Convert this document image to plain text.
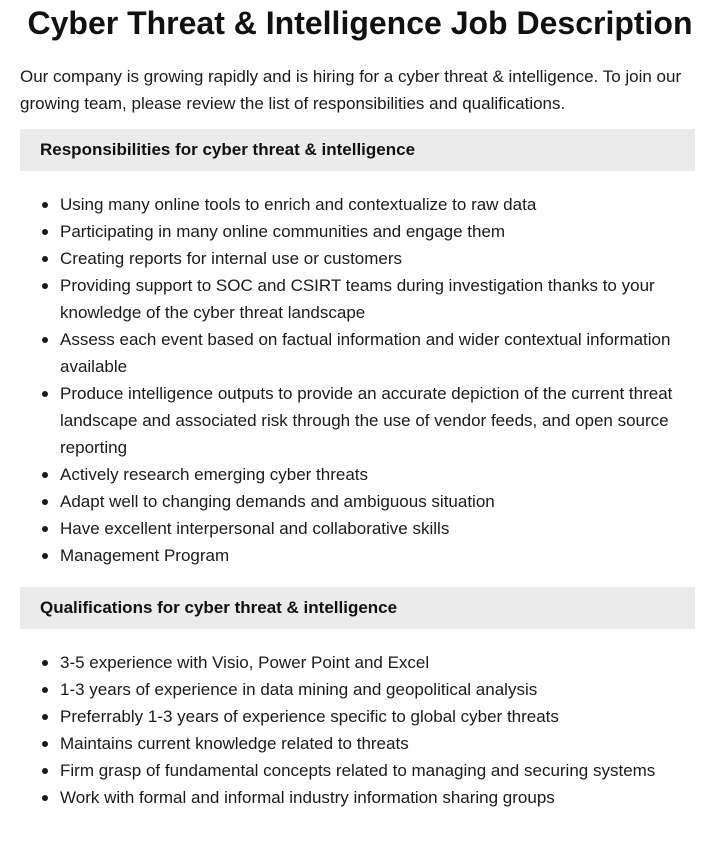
Cyber Threat & Intelligence Job Description

Our company is growing rapidly and is hiring for a cyber threat & intelligence. To join our growing team, please review the list of responsibilities and qualifications.

Responsibilities for cyber threat & intelligence
Using many online tools to enrich and contextualize to raw data
Participating in many online communities and engage them
Creating reports for internal use or customers
Providing support to SOC and CSIRT teams during investigation thanks to your knowledge of the cyber threat landscape
Assess each event based on factual information and wider contextual information available
Produce intelligence outputs to provide an accurate depiction of the current threat landscape and associated risk through the use of vendor feeds, and open source reporting
Actively research emerging cyber threats
Adapt well to changing demands and ambiguous situation
Have excellent interpersonal and collaborative skills
Management Program
Qualifications for cyber threat & intelligence
3-5 experience with Visio, Power Point and Excel
1-3 years of experience in data mining and geopolitical analysis
Preferrably 1-3 years of experience specific to global cyber threats
Maintains current knowledge related to threats
Firm grasp of fundamental concepts related to managing and securing systems
Work with formal and informal industry information sharing groups
